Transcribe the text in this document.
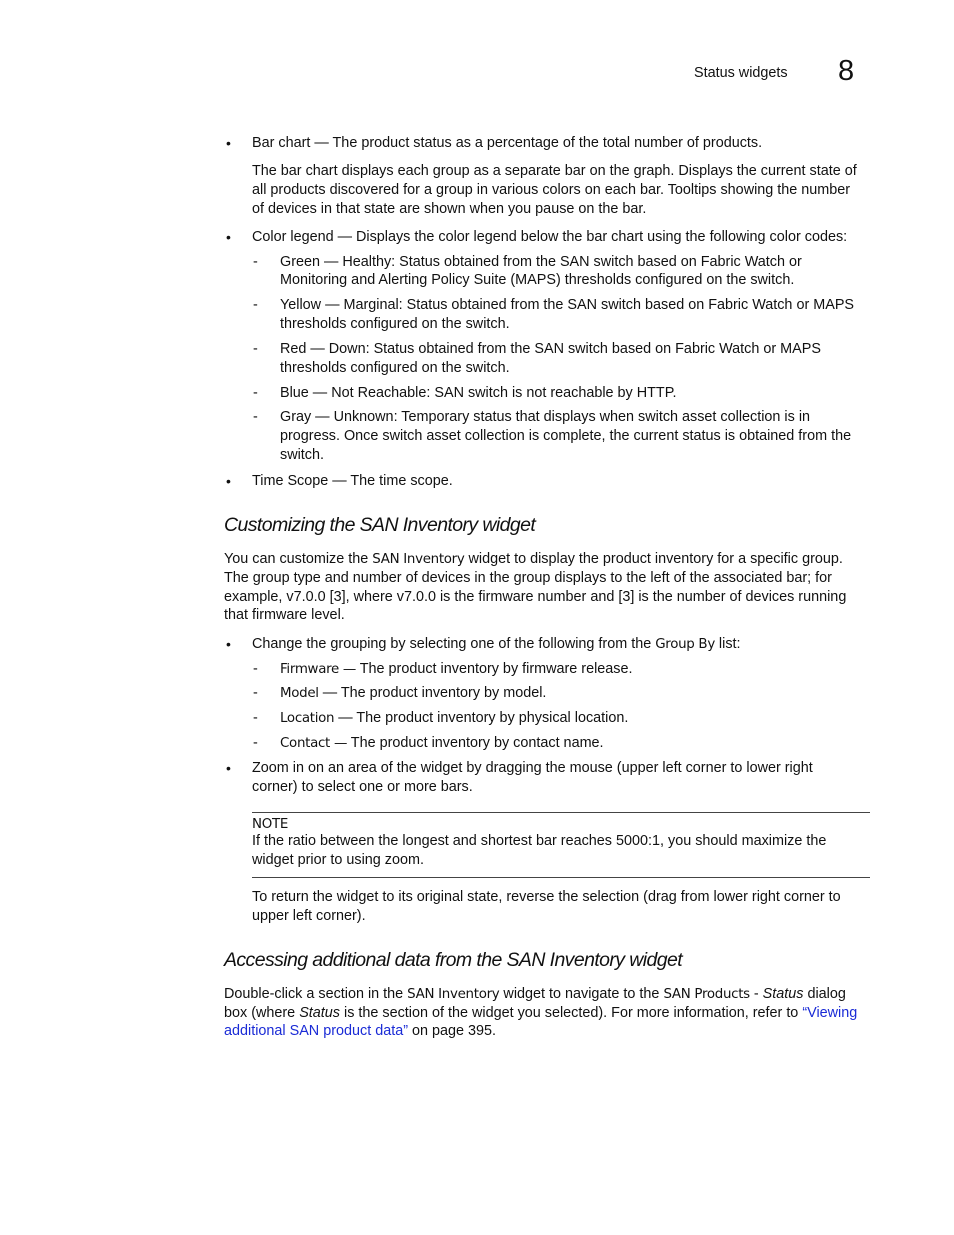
Status widgets 8
• Bar chart — The product status as a percentage of the total number of products.
The bar chart displays each group as a separate bar on the graph. Displays the current state of
all products discovered for a group in various colors on each bar. Tooltips showing the number
of devices in that state are shown when you pause on the bar.
• Color legend — Displays the color legend below the bar chart using the following color codes:
- Green — Healthy: Status obtained from the SAN switch based on Fabric Watch or
Monitoring and Alerting Policy Suite (MAPS) thresholds configured on the switch.
- Yellow — Marginal: Status obtained from the SAN switch based on Fabric Watch or MAPS
thresholds configured on the switch.
- Red — Down: Status obtained from the SAN switch based on Fabric Watch or MAPS
thresholds configured on the switch.
- Blue — Not Reachable: SAN switch is not reachable by HTTP.
- Gray — Unknown: Temporary status that displays when switch asset collection is in
progress. Once switch asset collection is complete, the current status is obtained from the
switch.
• Time Scope — The time scope.
Customizing the SAN Inventory widget
You can customize the SAN Inventory widget to display the product inventory for a specific group.
The group type and number of devices in the group displays to the left of the associated bar; for
example, v7.0.0 [3], where v7.0.0 is the firmware number and [3] is the number of devices running
that firmware level.
• Change the grouping by selecting one of the following from the Group By list:
- Firmware — The product inventory by firmware release.
- Model — The product inventory by model.
- Location — The product inventory by physical location.
- Contact — The product inventory by contact name.
• Zoom in on an area of the widget by dragging the mouse (upper left corner to lower right
corner) to select one or more bars.
NOTE
If the ratio between the longest and shortest bar reaches 5000:1, you should maximize the
widget prior to using zoom.
To return the widget to its original state, reverse the selection (drag from lower right corner to
upper left corner).
Accessing additional data from the SAN Inventory widget
Double-click a section in the SAN Inventory widget to navigate to the SAN Products - Status dialog
box (where Status is the section of the widget you selected). For more information, refer to “Viewing
additional SAN product data” on page 395.
